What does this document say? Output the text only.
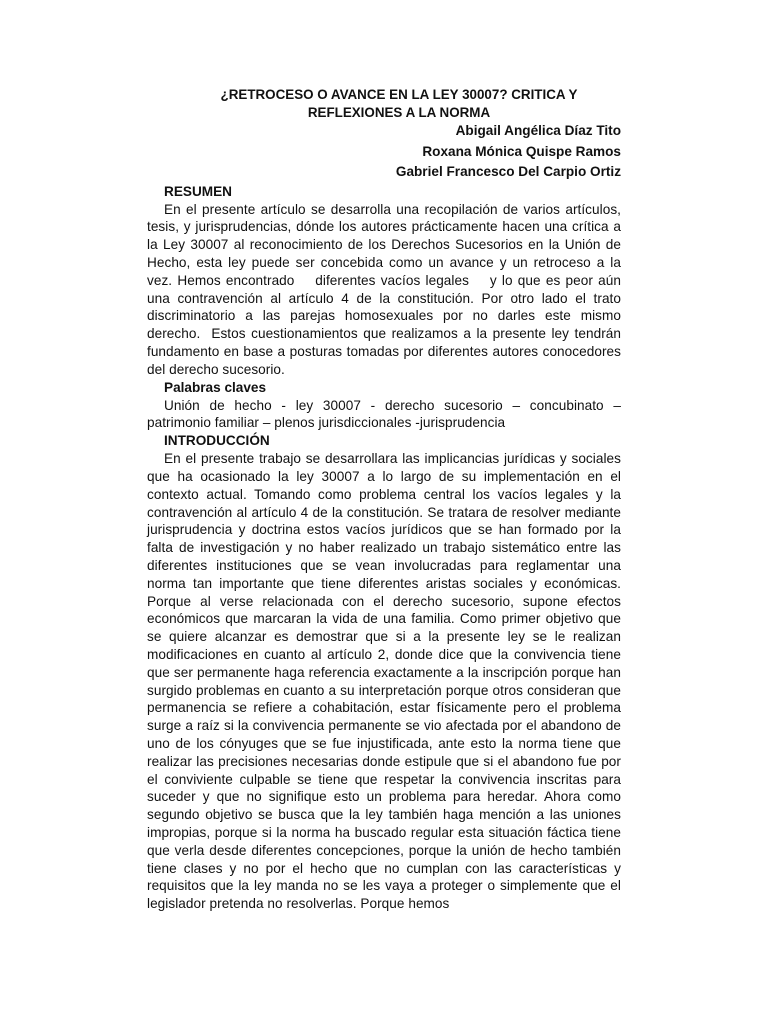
¿RETROCESO O AVANCE EN LA LEY 30007? CRITICA Y REFLEXIONES A LA NORMA

Abigail Angélica Díaz Tito

Roxana Mónica Quispe Ramos

Gabriel Francesco Del Carpio Ortiz

RESUMEN

En el presente artículo se desarrolla una recopilación de varios artículos, tesis, y jurisprudencias, dónde los autores prácticamente hacen una crítica a la Ley 30007 al reconocimiento de los Derechos Sucesorios en la Unión de Hecho, esta ley puede ser concebida como un avance y un retroceso a la vez. Hemos encontrado    diferentes vacíos legales    y lo que es peor aún una contravención al artículo 4 de la constitución. Por otro lado el trato discriminatorio a las parejas homosexuales por no darles este mismo derecho.  Estos cuestionamientos que realizamos a la presente ley tendrán fundamento en base a posturas tomadas por diferentes autores conocedores del derecho sucesorio.

Palabras claves

Unión de hecho - ley 30007 - derecho sucesorio – concubinato – patrimonio familiar – plenos jurisdiccionales -jurisprudencia

INTRODUCCIÓN

En el presente trabajo se desarrollara las implicancias jurídicas y sociales que ha ocasionado la ley 30007 a lo largo de su implementación en el contexto actual. Tomando como problema central los vacíos legales y la contravención al artículo 4 de la constitución. Se tratara de resolver mediante jurisprudencia y doctrina estos vacíos jurídicos que se han formado por la falta de investigación y no haber realizado un trabajo sistemático entre las diferentes instituciones que se vean involucradas para reglamentar una norma tan importante que tiene diferentes aristas sociales y económicas. Porque al verse relacionada con el derecho sucesorio, supone efectos económicos que marcaran la vida de una familia. Como primer objetivo que se quiere alcanzar es demostrar que si a la presente ley se le realizan modificaciones en cuanto al artículo 2, donde dice que la convivencia tiene que ser permanente haga referencia exactamente a la inscripción porque han surgido problemas en cuanto a su interpretación porque otros consideran que permanencia se refiere a cohabitación, estar físicamente pero el problema surge a raíz si la convivencia permanente se vio afectada por el abandono de uno de los cónyuges que se fue injustificada, ante esto la norma tiene que realizar las precisiones necesarias donde estipule que si el abandono fue por el conviviente culpable se tiene que respetar la convivencia inscritas para suceder y que no signifique esto un problema para heredar. Ahora como segundo objetivo se busca que la ley también haga mención a las uniones impropias, porque si la norma ha buscado regular esta situación fáctica tiene que verla desde diferentes concepciones, porque la unión de hecho también tiene clases y no por el hecho que no cumplan con las características y requisitos que la ley manda no se les vaya a proteger o simplemente que el legislador pretenda no resolverlas. Porque hemos
